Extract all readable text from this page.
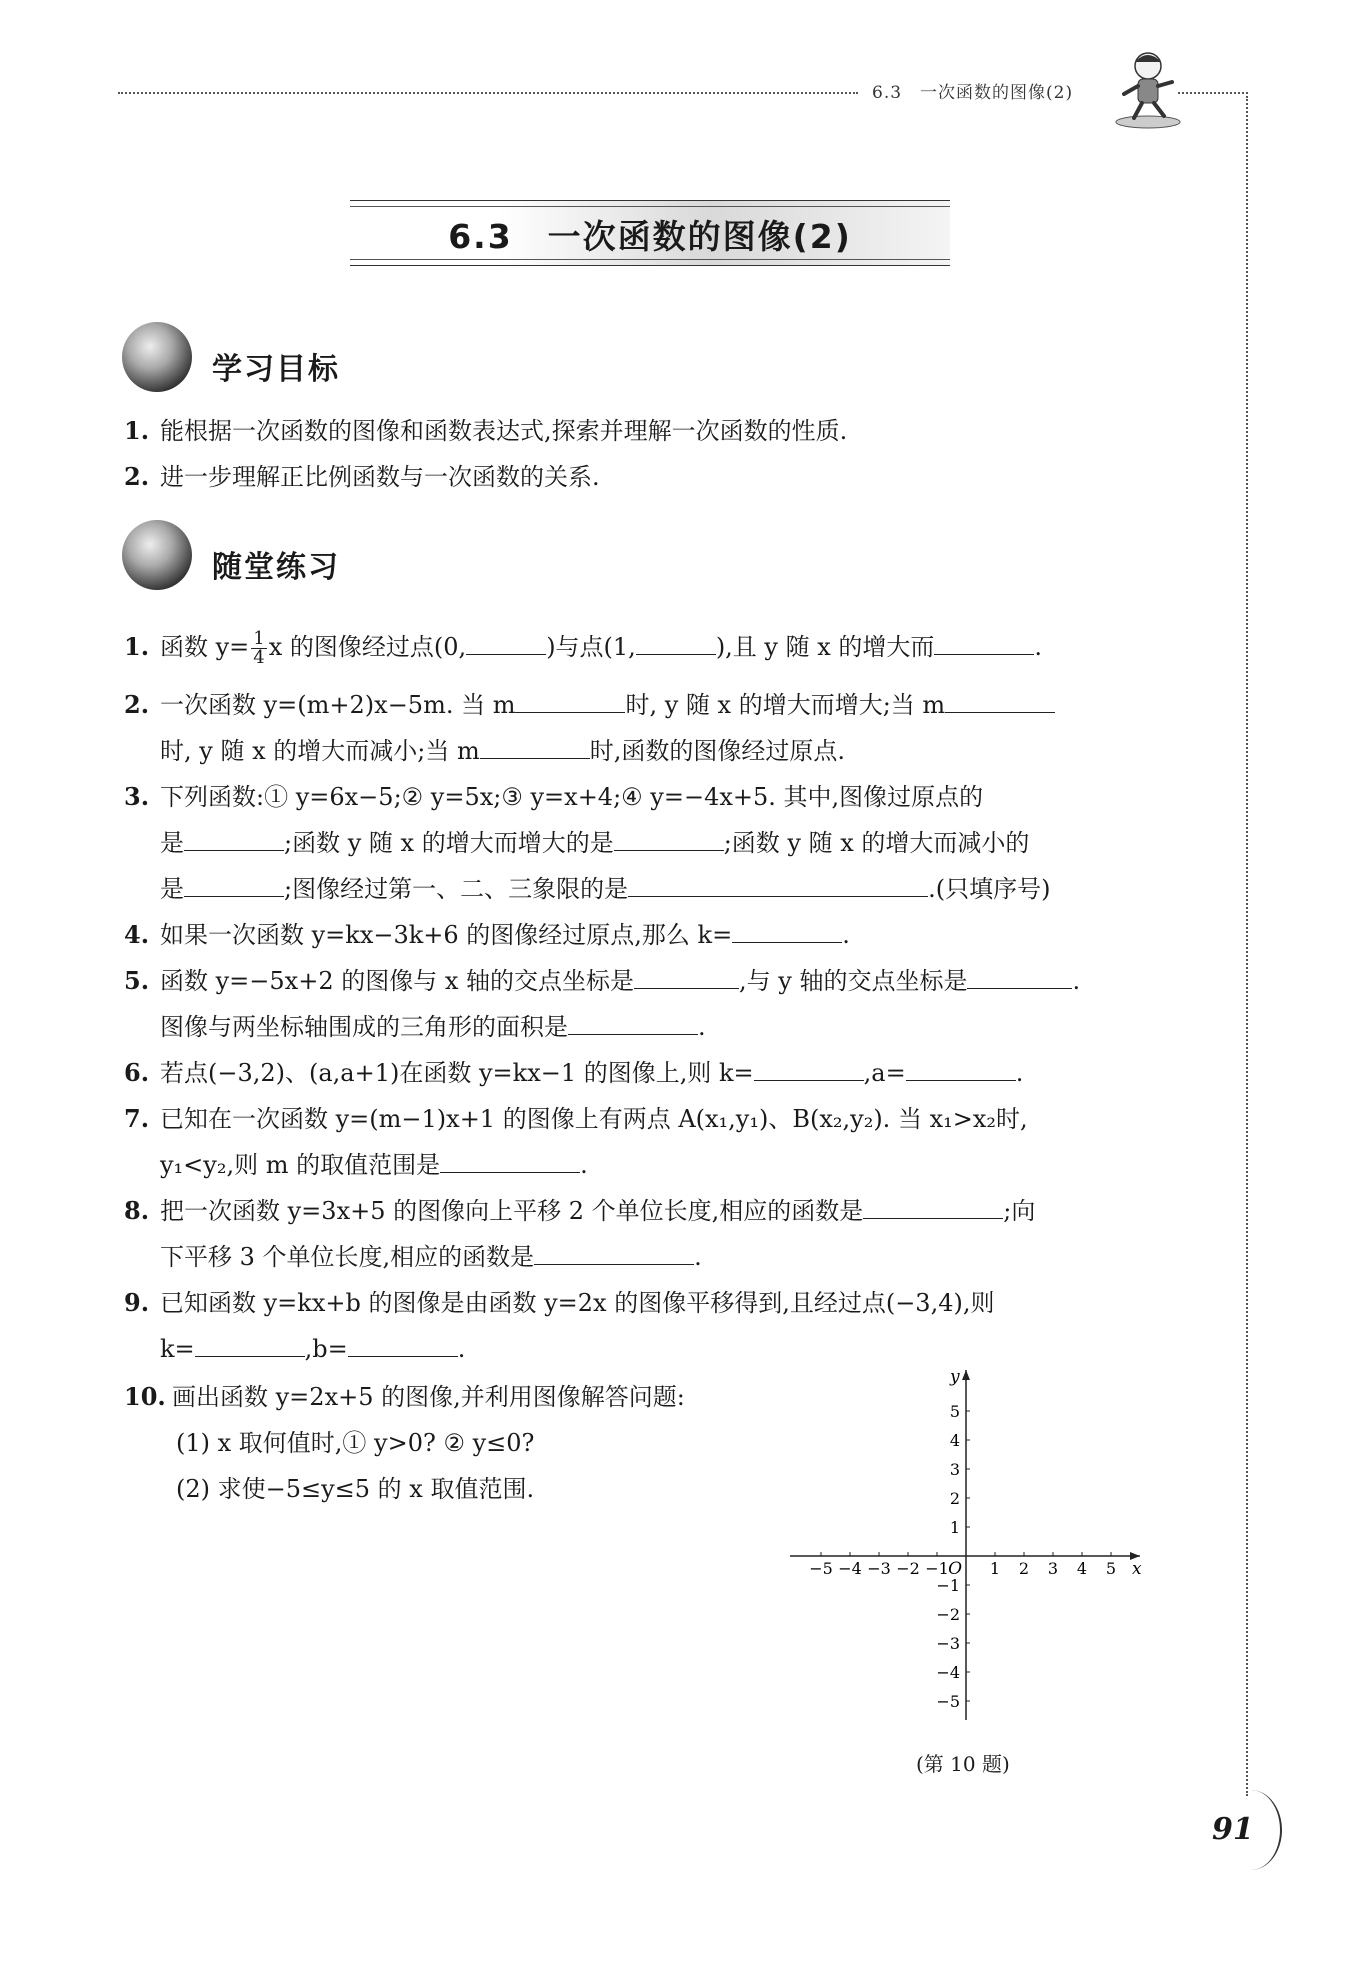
6.3　一次函数的图像(2)
6.3　一次函数的图像(2)
学习目标
1. 能根据一次函数的图像和函数表达式,探索并理解一次函数的性质.
2. 进一步理解正比例函数与一次函数的关系.
随堂练习
1. 函数 $y= \frac{1}{4}$ x 的图像经过点(0,	)与点(1,	),且 y 随 x 的增大而	.
2. 一次函数 y=(m+2)x−5m. 当 m	时, y 随 x 的增大而增大;当 m
时, y 随 x 的增大而减小;当 m	时,函数的图像经过原点.
3. 下列函数:① y=6x−5;② y=5x;③ y=x+4;④ y=−4x+5. 其中,图像过原点的
是	;函数 y 随 x 的增大而增大的是	;函数 y 随 x 的增大而减小的
是	;图像经过第一、二、三象限的是	.(只填序号)
4. 如果一次函数 y=kx−3k+6 的图像经过原点,那么 k=	.
5. 函数 y=−5x+2 的图像与 x 轴的交点坐标是	,与 y 轴的交点坐标是	.
图像与两坐标轴围成的三角形的面积是	.
6. 若点(−3,2)、(a,a+1)在函数 y=kx−1 的图像上,则 k=	,a=	.
7. 已知在一次函数 y=(m−1)x+1 的图像上有两点 A(x₁,y₁)、B(x₂,y₂). 当 x₁>x₂时,
y₁<y₂,则 m 的取值范围是	.
8. 把一次函数 y=3x+5 的图像向上平移 2 个单位长度,相应的函数是	;向
下平移 3 个单位长度,相应的函数是	.
9. 已知函数 y=kx+b 的图像是由函数 y=2x 的图像平移得到,且经过点(−3,4),则
k=	,b=	.
10. 画出函数 y=2x+5 的图像,并利用图像解答问题:
(1) x 取何值时,① y>0? ② y≤0?
(2) 求使−5≤y≤5 的 x 取值范围.
−5 −4 −3 −2 −1	1 2 3 4 5
5
4
3
2
1
−1
−2
−3
−4
−5
O	x
y
(第 10 题)
91
